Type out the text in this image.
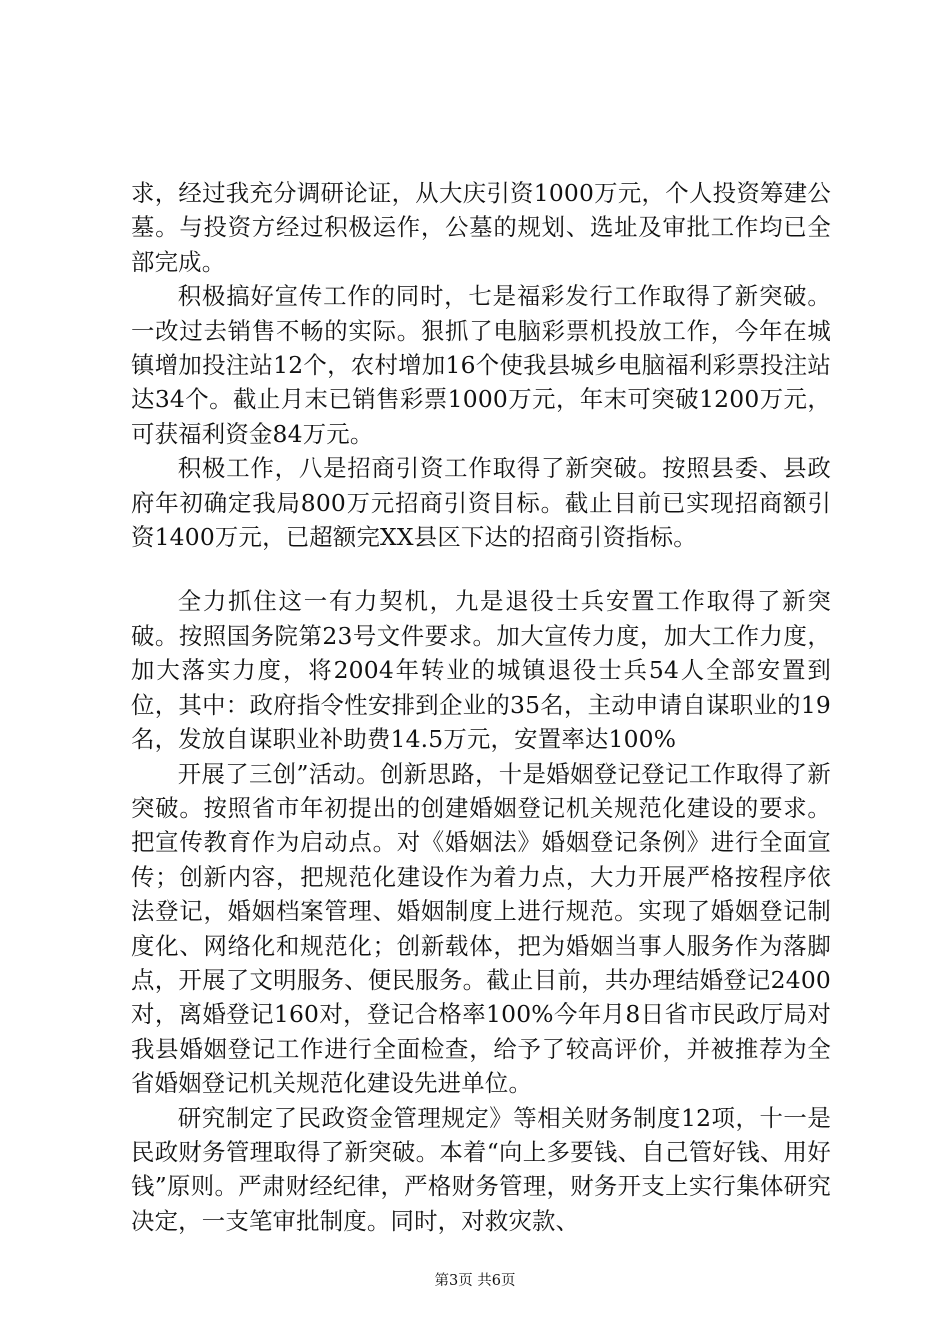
求，经过我充分调研论证，从大庆引资1000万元，个人投资筹建公墓。与投资方经过积极运作，公墓的规划、选址及审批工作均已全部完成。

积极搞好宣传工作的同时，七是福彩发行工作取得了新突破。一改过去销售不畅的实际。狠抓了电脑彩票机投放工作，今年在城镇增加投注站12个，农村增加16个使我县城乡电脑福利彩票投注站达34个。截止月末已销售彩票1000万元，年末可突破1200万元，可获福利资金84万元。

积极工作，八是招商引资工作取得了新突破。按照县委、县政府年初确定我局800万元招商引资目标。截止目前已实现招商额引资1400万元，已超额完XX县区下达的招商引资指标。

全力抓住这一有力契机，九是退役士兵安置工作取得了新突破。按照国务院第23号文件要求。加大宣传力度，加大工作力度，加大落实力度，将2004年转业的城镇退役士兵54人全部安置到位，其中：政府指令性安排到企业的35名，主动申请自谋职业的19名，发放自谋职业补助费14.5万元，安置率达100%

开展了三创”活动。创新思路，十是婚姻登记登记工作取得了新突破。按照省市年初提出的创建婚姻登记机关规范化建设的要求。把宣传教育作为启动点。对《婚姻法》婚姻登记条例》进行全面宣传；创新内容，把规范化建设作为着力点，大力开展严格按程序依法登记，婚姻档案管理、婚姻制度上进行规范。实现了婚姻登记制度化、网络化和规范化；创新载体，把为婚姻当事人服务作为落脚点，开展了文明服务、便民服务。截止目前，共办理结婚登记2400对，离婚登记160对，登记合格率100%今年月8日省市民政厅局对我县婚姻登记工作进行全面检查，给予了较高评价，并被推荐为全省婚姻登记机关规范化建设先进单位。

研究制定了民政资金管理规定》等相关财务制度12项，十一是民政财务管理取得了新突破。本着“向上多要钱、自己管好钱、用好钱”原则。严肃财经纪律，严格财务管理，财务开支上实行集体研究决定，一支笔审批制度。同时，对救灾款、

第3页 共6页
